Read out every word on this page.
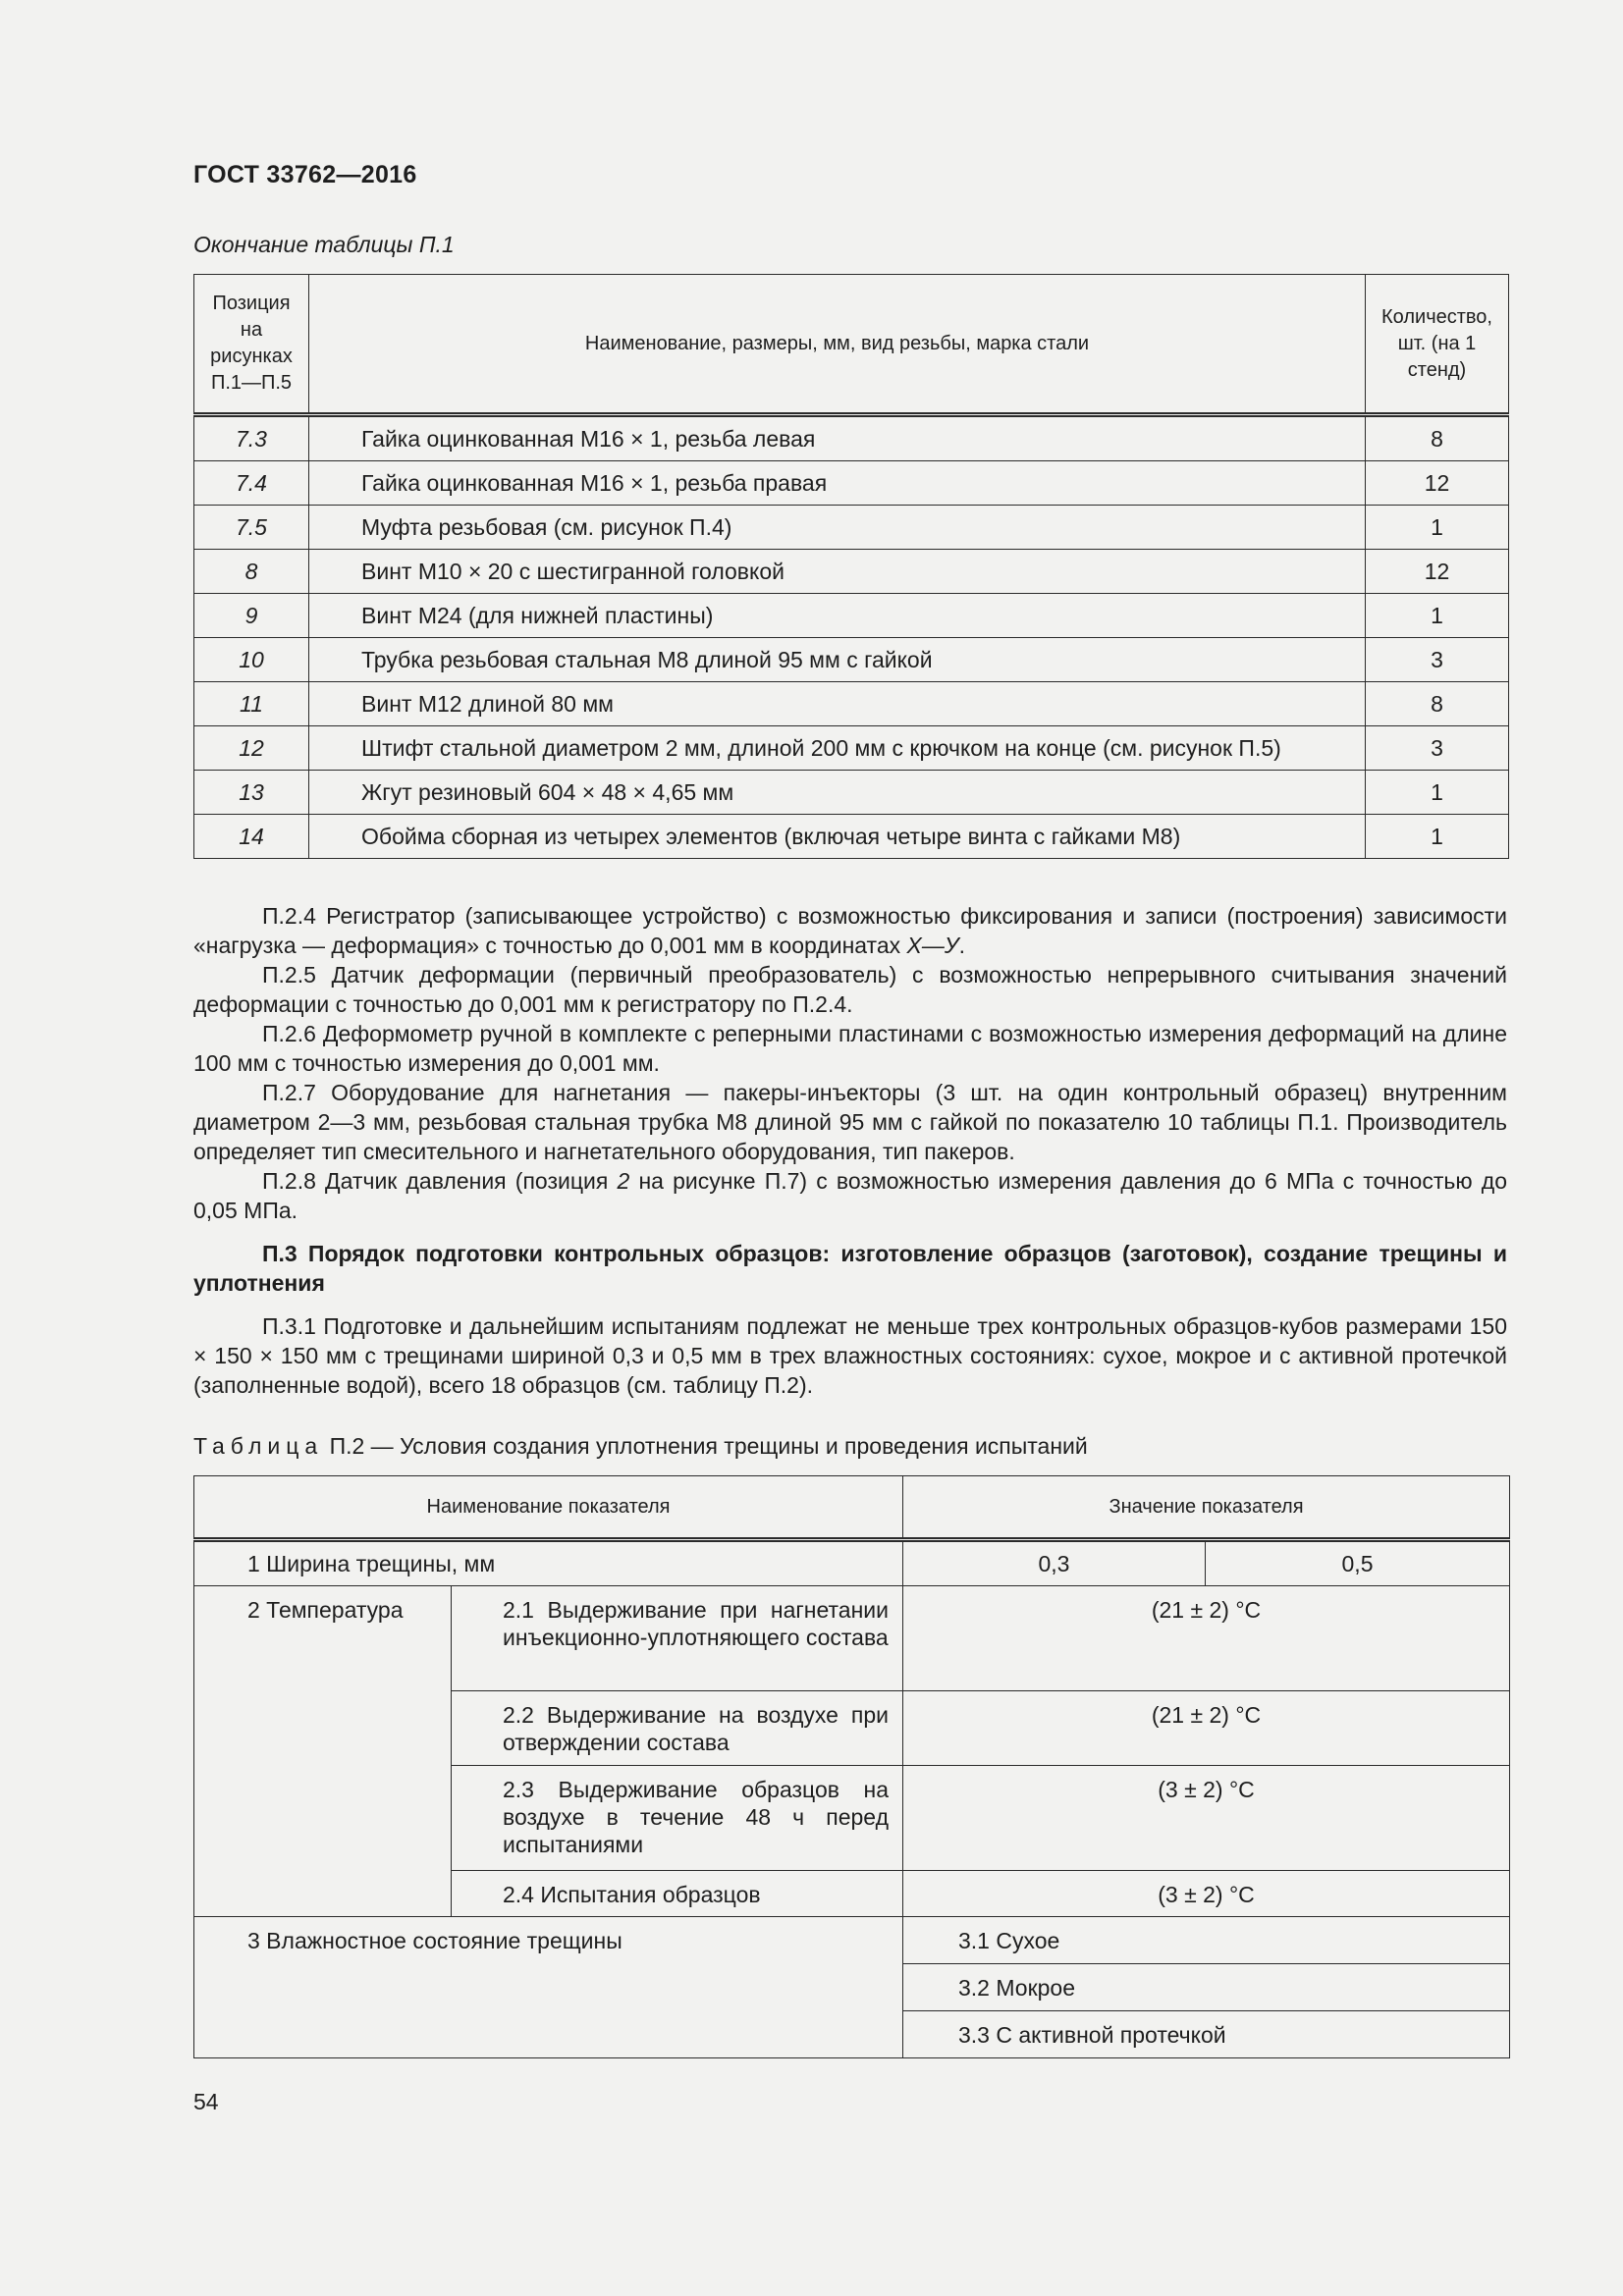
ГОСТ 33762—2016
Окончание таблицы П.1
Позиция на рисунках П.1—П.5	Наименование, размеры, мм, вид резьбы, марка стали	Количество, шт. (на 1 стенд)

7.3	Гайка оцинкованная М16 × 1, резьба левая	8
7.4	Гайка оцинкованная М16 × 1, резьба правая	12
7.5	Муфта резьбовая (см. рисунок П.4)	1
8	Винт М10 × 20 с шестигранной головкой	12
9	Винт М24 (для нижней пластины)	1
10	Трубка резьбовая стальная М8 длиной 95 мм с гайкой	3
11	Винт М12 длиной 80 мм	8
12	Штифт стальной диаметром 2 мм, длиной 200 мм с крючком на конце (см. рисунок П.5)	3
13	Жгут резиновый 604 × 48 × 4,65 мм	1
14	Обойма сборная из четырех элементов (включая четыре винта с гайками М8)	1

П.2.4 Регистратор (записывающее устройство) с возможностью фиксирования и записи (построения) зависимости «нагрузка — деформация» с точностью до 0,001 мм в координатах Х—У.

П.2.5 Датчик деформации (первичный преобразователь) с возможностью непрерывного считывания значений деформации с точностью до 0,001 мм к регистратору по П.2.4.

П.2.6 Деформометр ручной в комплекте с реперными пластинами с возможностью измерения деформаций на длине 100 мм с точностью измерения до 0,001 мм.

П.2.7 Оборудование для нагнетания — пакеры-инъекторы (3 шт. на один контрольный образец) внутренним диаметром 2—3 мм, резьбовая стальная трубка М8 длиной 95 мм с гайкой по показателю 10 таблицы П.1. Производитель определяет тип смесительного и нагнетательного оборудования, тип пакеров.

П.2.8 Датчик давления (позиция 2 на рисунке П.7) с возможностью измерения давления до 6 МПа с точностью до 0,05 МПа.

П.3 Порядок подготовки контрольных образцов: изготовление образцов (заготовок), создание трещины и уплотнения

П.3.1 Подготовке и дальнейшим испытаниям подлежат не меньше трех контрольных образцов-кубов размерами 150 × 150 × 150 мм с трещинами шириной 0,3 и 0,5 мм в трех влажностных состояниях: сухое, мокрое и с активной протечкой (заполненные водой), всего 18 образцов (см. таблицу П.2).

Таблица П.2 — Условия создания уплотнения трещины и проведения испытаний
Наименование показателя		Значение показателя	
1 Ширина трещины, мм		0,3	0,5
2 Температура	2.1 Выдерживание при нагнетании инъекционно-уплотняющего состава	(21 ± 2) °С	
	2.2 Выдерживание на воздухе при отверждении состава	(21 ± 2) °С	
	2.3 Выдерживание образцов на воздухе в течение 48 ч перед испытаниями	(3 ± 2) °С	
	2.4 Испытания образцов	(3 ± 2) °С	
3 Влажностное состояние трещины		3.1 Сухое	
		3.2 Мокрое	
		3.3 С активной протечкой	
54
